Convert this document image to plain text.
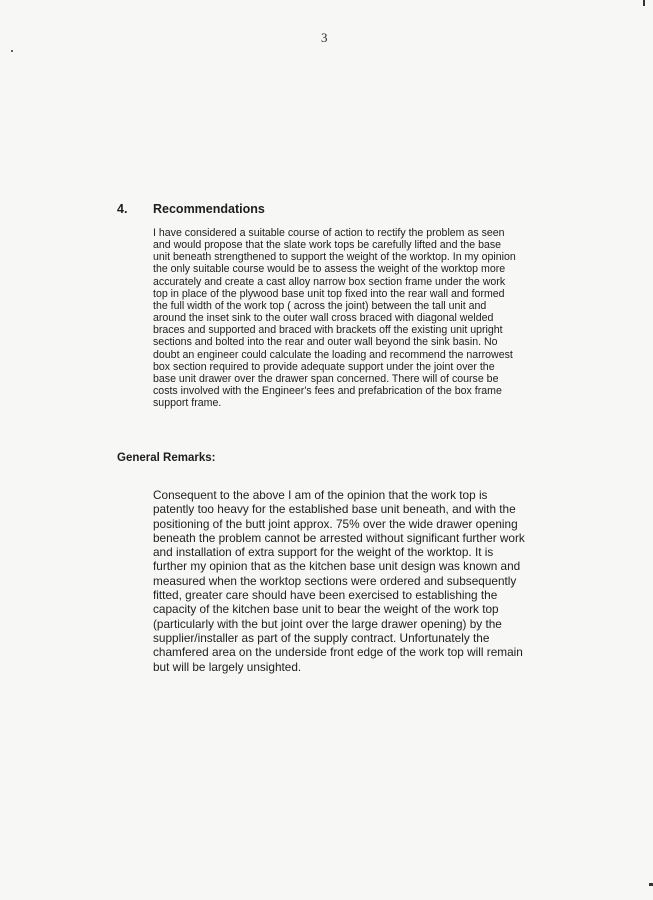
3
4. Recommendations

I have considered a suitable course of action to rectify the problem as seen
and would propose that the slate work tops be carefully lifted and the base
unit beneath strengthened to support the weight of the worktop. In my opinion
the only suitable course would be to assess the weight of the worktop more
accurately and create a cast alloy narrow box section frame under the work
top in place of the plywood base unit top fixed into the rear wall and formed
the full width of the work top ( across the joint) between the tall unit and
around the inset sink to the outer wall cross braced with diagonal welded
braces and supported and braced with brackets off the existing unit upright
sections and bolted into the rear and outer wall beyond the sink basin. No
doubt an engineer could calculate the loading and recommend the narrowest
box section required to provide adequate support under the joint over the
base unit drawer over the drawer span concerned. There will of course be
costs involved with the Engineer's fees and prefabrication of the box frame
support frame.

General Remarks:

Consequent to the above I am of the opinion that the work top is
patently too heavy for the established base unit beneath, and with the
positioning of the butt joint approx. 75% over the wide drawer opening
beneath the problem cannot be arrested without significant further work
and installation of extra support for the weight of the worktop. It is
further my opinion that as the kitchen base unit design was known and
measured when the worktop sections were ordered and subsequently
fitted, greater care should have been exercised to establishing the
capacity of the kitchen base unit to bear the weight of the work top
(particularly with the but joint over the large drawer opening) by the
supplier/installer as part of the supply contract. Unfortunately the
chamfered area on the underside front edge of the work top will remain
but will be largely unsighted.
